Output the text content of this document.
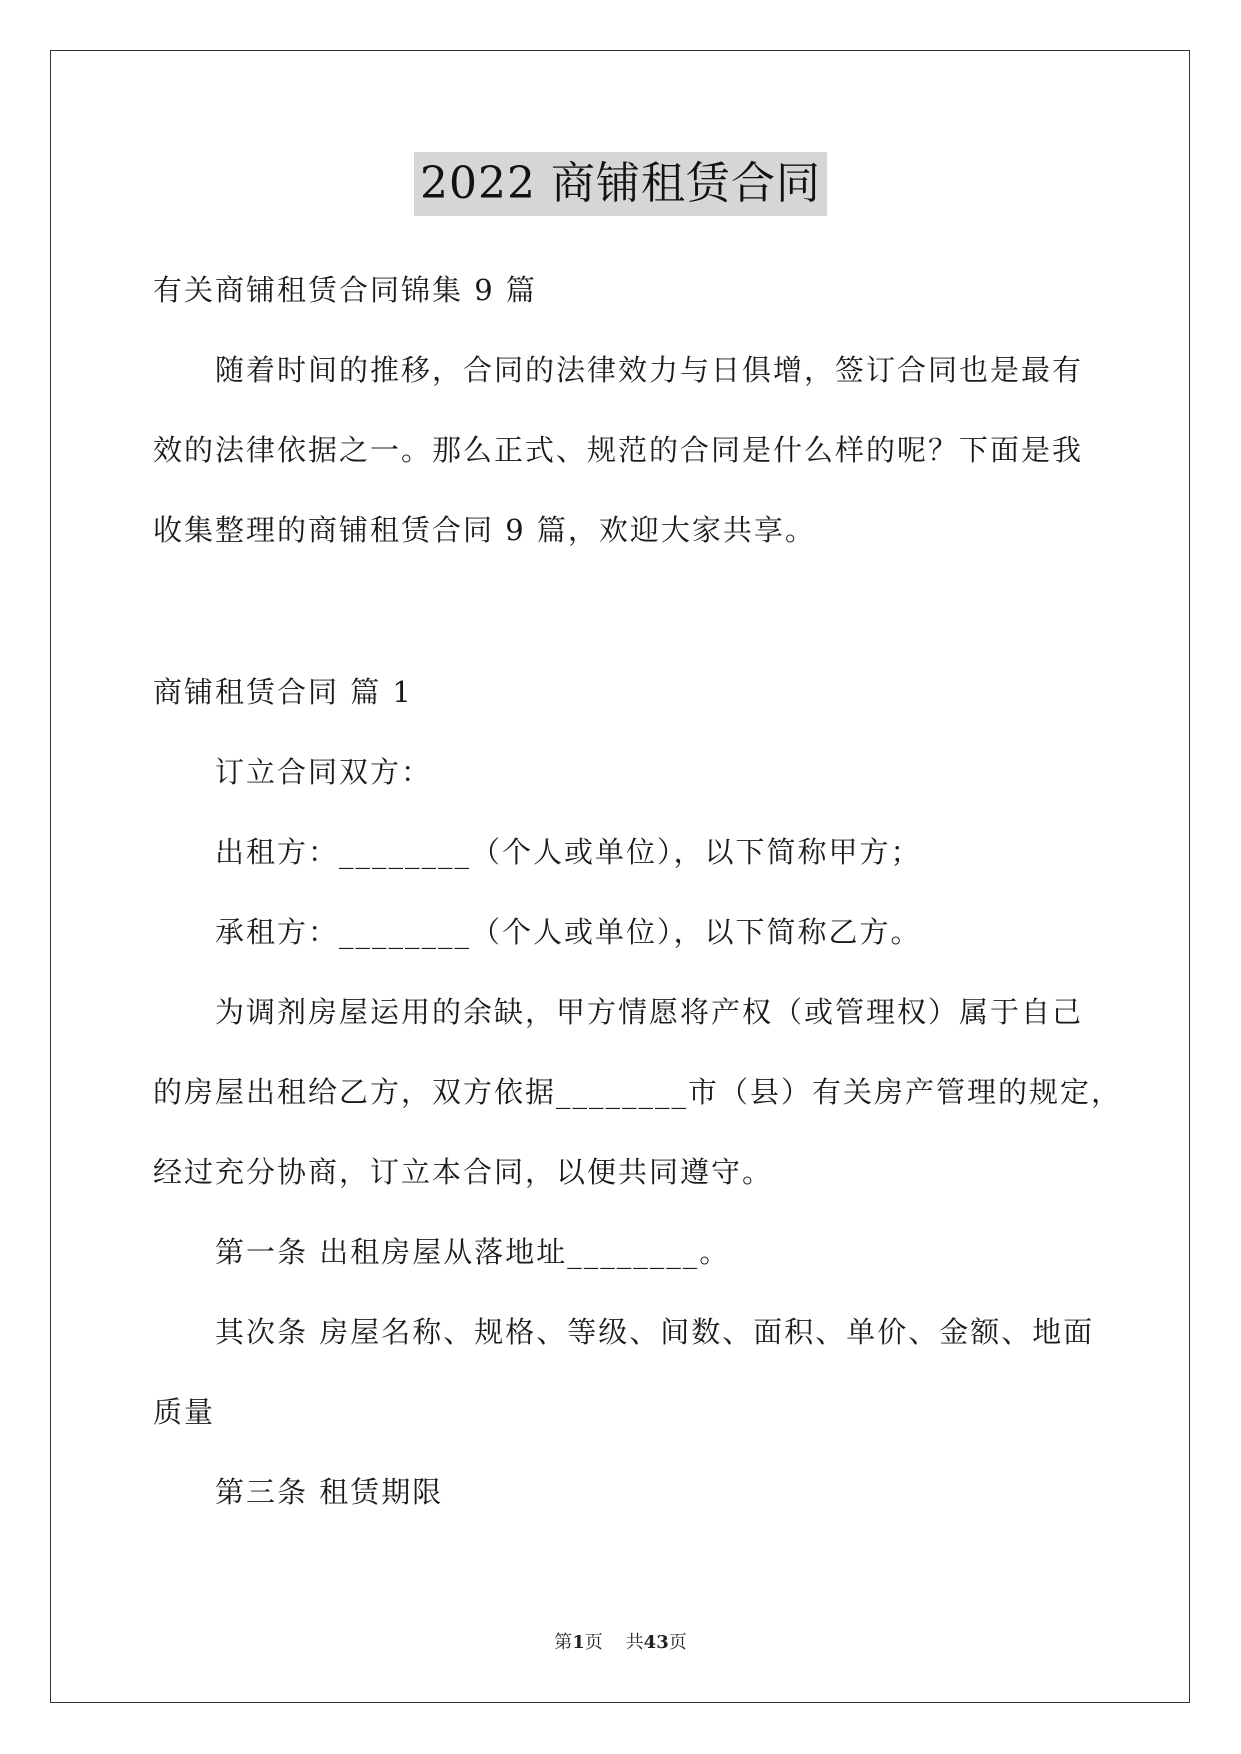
2022 商铺租赁合同
有关商铺租赁合同锦集 9 篇
随着时间的推移，合同的法律效力与日俱增，签订合同也是最有
效的法律依据之一。那么正式、规范的合同是什么样的呢？下面是我
收集整理的商铺租赁合同 9 篇，欢迎大家共享。
商铺租赁合同 篇 1
订立合同双方：
出租方：________（个人或单位），以下简称甲方；
承租方：________（个人或单位），以下简称乙方。
为调剂房屋运用的余缺，甲方情愿将产权（或管理权）属于自己
的房屋出租给乙方，双方依据________市（县）有关房产管理的规定，
经过充分协商，订立本合同，以便共同遵守。
第一条 出租房屋从落地址________。
其次条 房屋名称、规格、等级、间数、面积、单价、金额、地面
质量
第三条 租赁期限
第1页    共43页
